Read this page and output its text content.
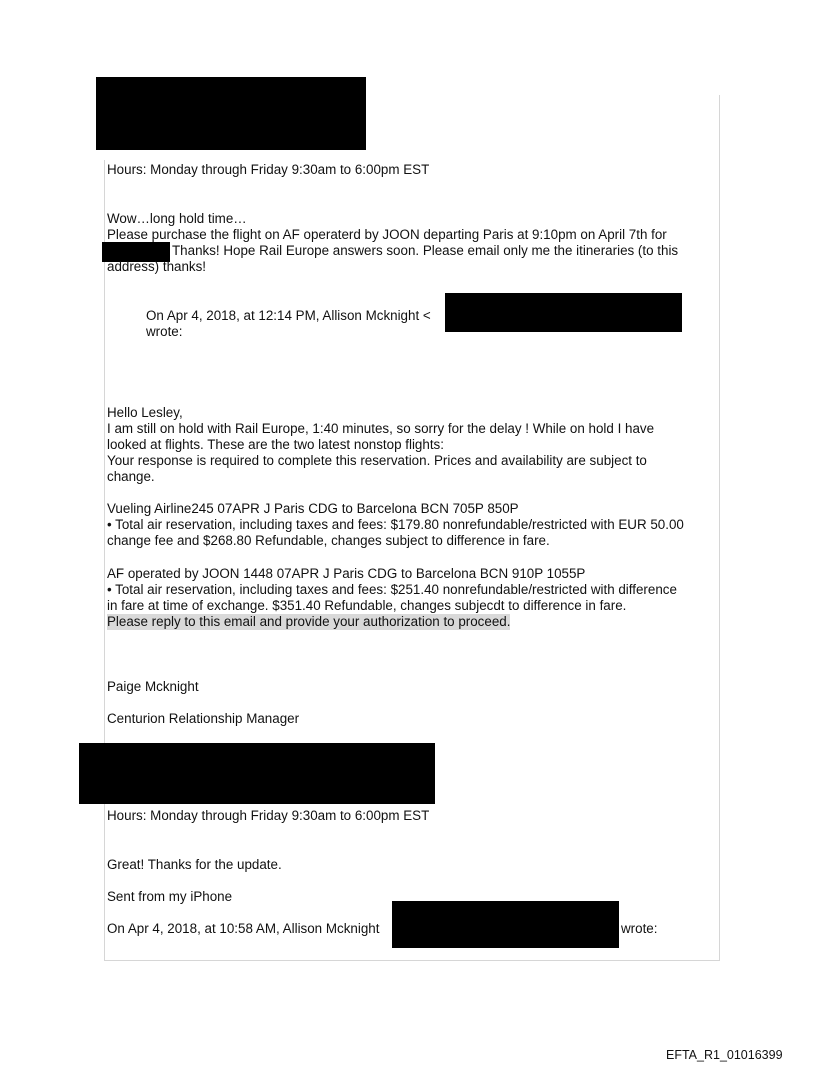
Hours: Monday through Friday 9:30am to 6:00pm EST
Wow…long hold time…
Please purchase the flight on AF operaterd by JOON departing Paris at 9:10pm on April 7th for
Thanks! Hope Rail Europe answers soon. Please email only me the itineraries (to this
address) thanks!
On Apr 4, 2018, at 12:14 PM, Allison Mcknight <
wrote:
Hello Lesley,
I am still on hold with Rail Europe, 1:40 minutes, so sorry for the delay ! While on hold I have
looked at flights. These are the two latest nonstop flights:
Your response is required to complete this reservation. Prices and availability are subject to
change.
Vueling Airline245 07APR J Paris CDG to Barcelona BCN 705P 850P
• Total air reservation, including taxes and fees: $179.80 nonrefundable/restricted with EUR 50.00
change fee and $268.80 Refundable, changes subject to difference in fare.
AF operated by JOON 1448 07APR J Paris CDG to Barcelona BCN 910P 1055P
• Total air reservation, including taxes and fees: $251.40 nonrefundable/restricted with difference
in fare at time of exchange. $351.40 Refundable, changes subjecdt to difference in fare.
Please reply to this email and provide your authorization to proceed.
Paige Mcknight
Centurion Relationship Manager
Hours: Monday through Friday 9:30am to 6:00pm EST
Great! Thanks for the update.
Sent from my iPhone
On Apr 4, 2018, at 10:58 AM, Allison Mcknight	wrote:
EFTA_R1_01016399
